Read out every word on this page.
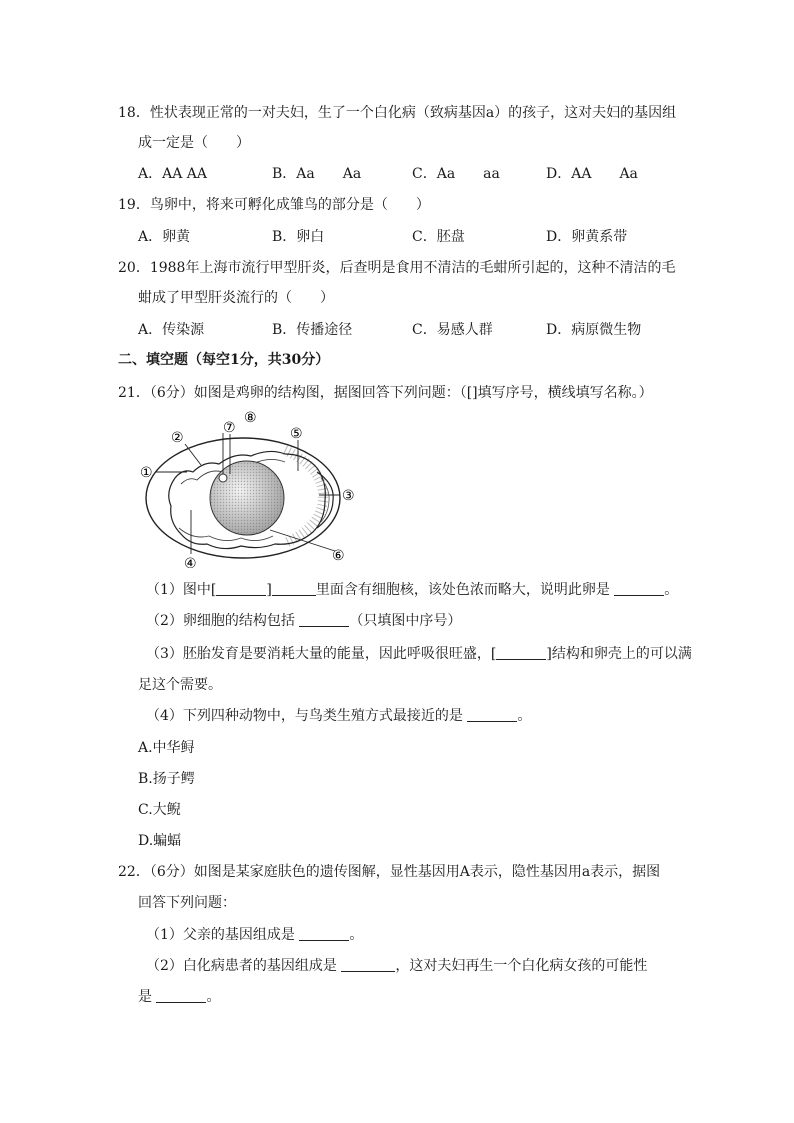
18．性状表现正常的一对夫妇，生了一个白化病（致病基因a）的孩子，这对夫妇的基因组
成一定是（　　）
A．AA AA	B．Aa　　Aa	C．Aa　　aa	D．AA　　Aa
19．鸟卵中，将来可孵化成雏鸟的部分是（　　）
A．卵黄	B．卵白	C．胚盘	D．卵黄系带
20．1988年上海市流行甲型肝炎，后查明是食用不清洁的毛蚶所引起的，这种不清洁的毛
蚶成了甲型肝炎流行的（　　）
A．传染源	B．传播途径	C．易感人群	D．病原微生物
二、填空题（每空1分，共30分）
21．（6分）如图是鸡卵的结构图，据图回答下列问题：（[]填写序号，横线填写名称。）
①
②
③
④
⑤
⑥
⑦
⑧
（1）图中[	]	里面含有细胞核，该处色浓而略大，说明此卵是	。
（2）卵细胞的结构包括	（只填图中序号）
（3）胚胎发育是要消耗大量的能量，因此呼吸很旺盛，[	]结构和卵壳上的可以满
足这个需要。
（4）下列四种动物中，与鸟类生殖方式最接近的是	。
A.中华鲟
B.扬子鳄
C.大鲵
D.蝙蝠
22．（6分）如图是某家庭肤色的遗传图解，显性基因用A表示，隐性基因用a表示，据图
回答下列问题：
（1）父亲的基因组成是	。
（2）白化病患者的基因组成是	，这对夫妇再生一个白化病女孩的可能性
是	。
